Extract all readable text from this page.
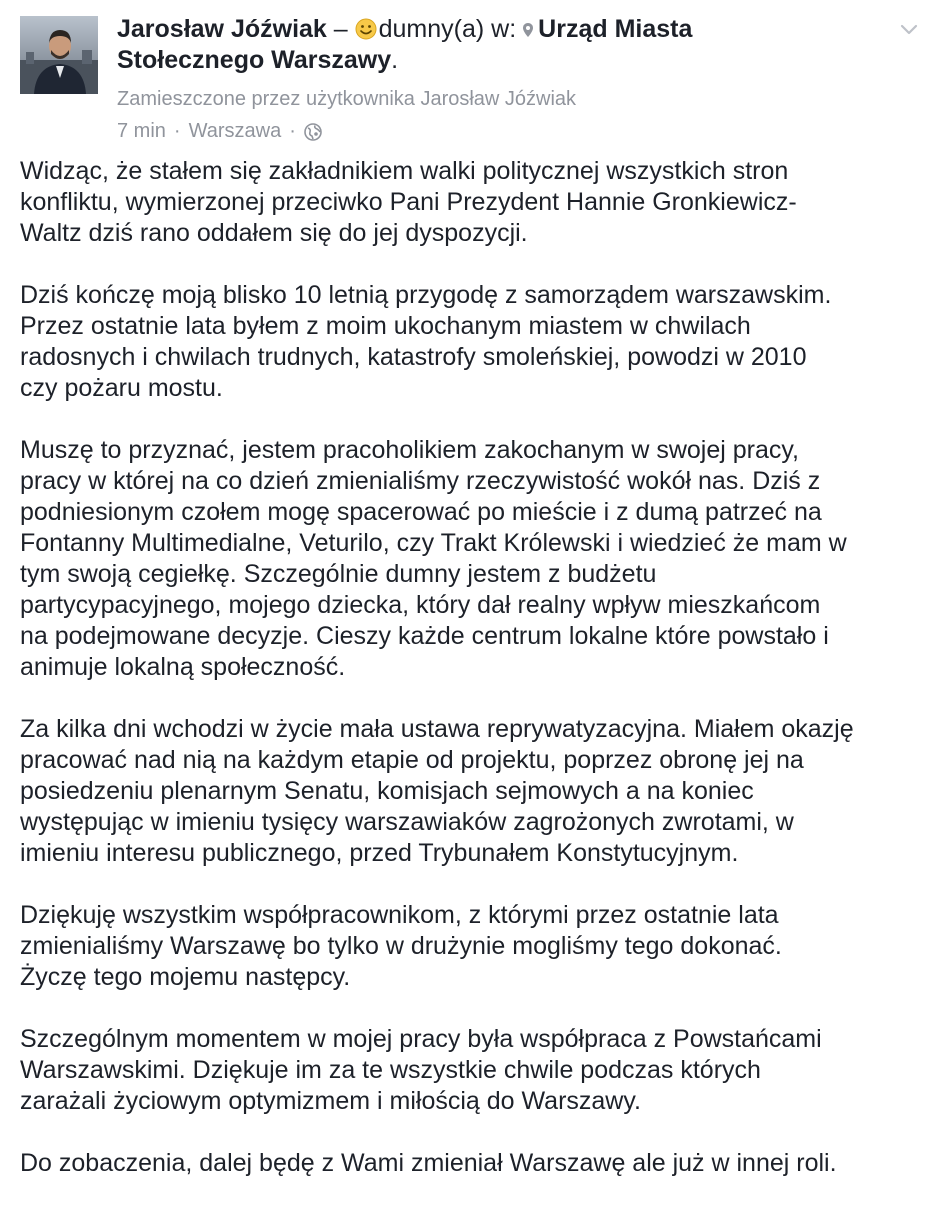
Jarosław Jóźwiak – dumny(a) w: Urząd Miasta Stołecznego Warszawy.
Zamieszczone przez użytkownika Jarosław Jóźwiak
7 min · Warszawa ·

Widząc, że stałem się zakładnikiem walki politycznej wszystkich stron
konfliktu, wymierzonej przeciwko Pani Prezydent Hannie Gronkiewicz-
Waltz dziś rano oddałem się do jej dyspozycji.

Dziś kończę moją blisko 10 letnią przygodę z samorządem warszawskim.
Przez ostatnie lata byłem z moim ukochanym miastem w chwilach
radosnych i chwilach trudnych, katastrofy smoleńskiej, powodzi w 2010
czy pożaru mostu.

Muszę to przyznać, jestem pracoholikiem zakochanym w swojej pracy,
pracy w której na co dzień zmienialiśmy rzeczywistość wokół nas. Dziś z
podniesionym czołem mogę spacerować po mieście i z dumą patrzeć na
Fontanny Multimedialne, Veturilo, czy Trakt Królewski i wiedzieć że mam w
tym swoją cegiełkę. Szczególnie dumny jestem z budżetu
partycypacyjnego, mojego dziecka, który dał realny wpływ mieszkańcom
na podejmowane decyzje. Cieszy każde centrum lokalne które powstało i
animuje lokalną społeczność.

Za kilka dni wchodzi w życie mała ustawa reprywatyzacyjna. Miałem okazję
pracować nad nią na każdym etapie od projektu, poprzez obronę jej na
posiedzeniu plenarnym Senatu, komisjach sejmowych a na koniec
występując w imieniu tysięcy warszawiaków zagrożonych zwrotami, w
imieniu interesu publicznego, przed Trybunałem Konstytucyjnym.

Dziękuję wszystkim współpracownikom, z którymi przez ostatnie lata
zmienialiśmy Warszawę bo tylko w drużynie mogliśmy tego dokonać.
Życzę tego mojemu następcy.

Szczególnym momentem w mojej pracy była współpraca z Powstańcami
Warszawskimi. Dziękuje im za te wszystkie chwile podczas których
zarażali życiowym optymizmem i miłością do Warszawy.

Do zobaczenia, dalej będę z Wami zmieniał Warszawę ale już w innej roli.
